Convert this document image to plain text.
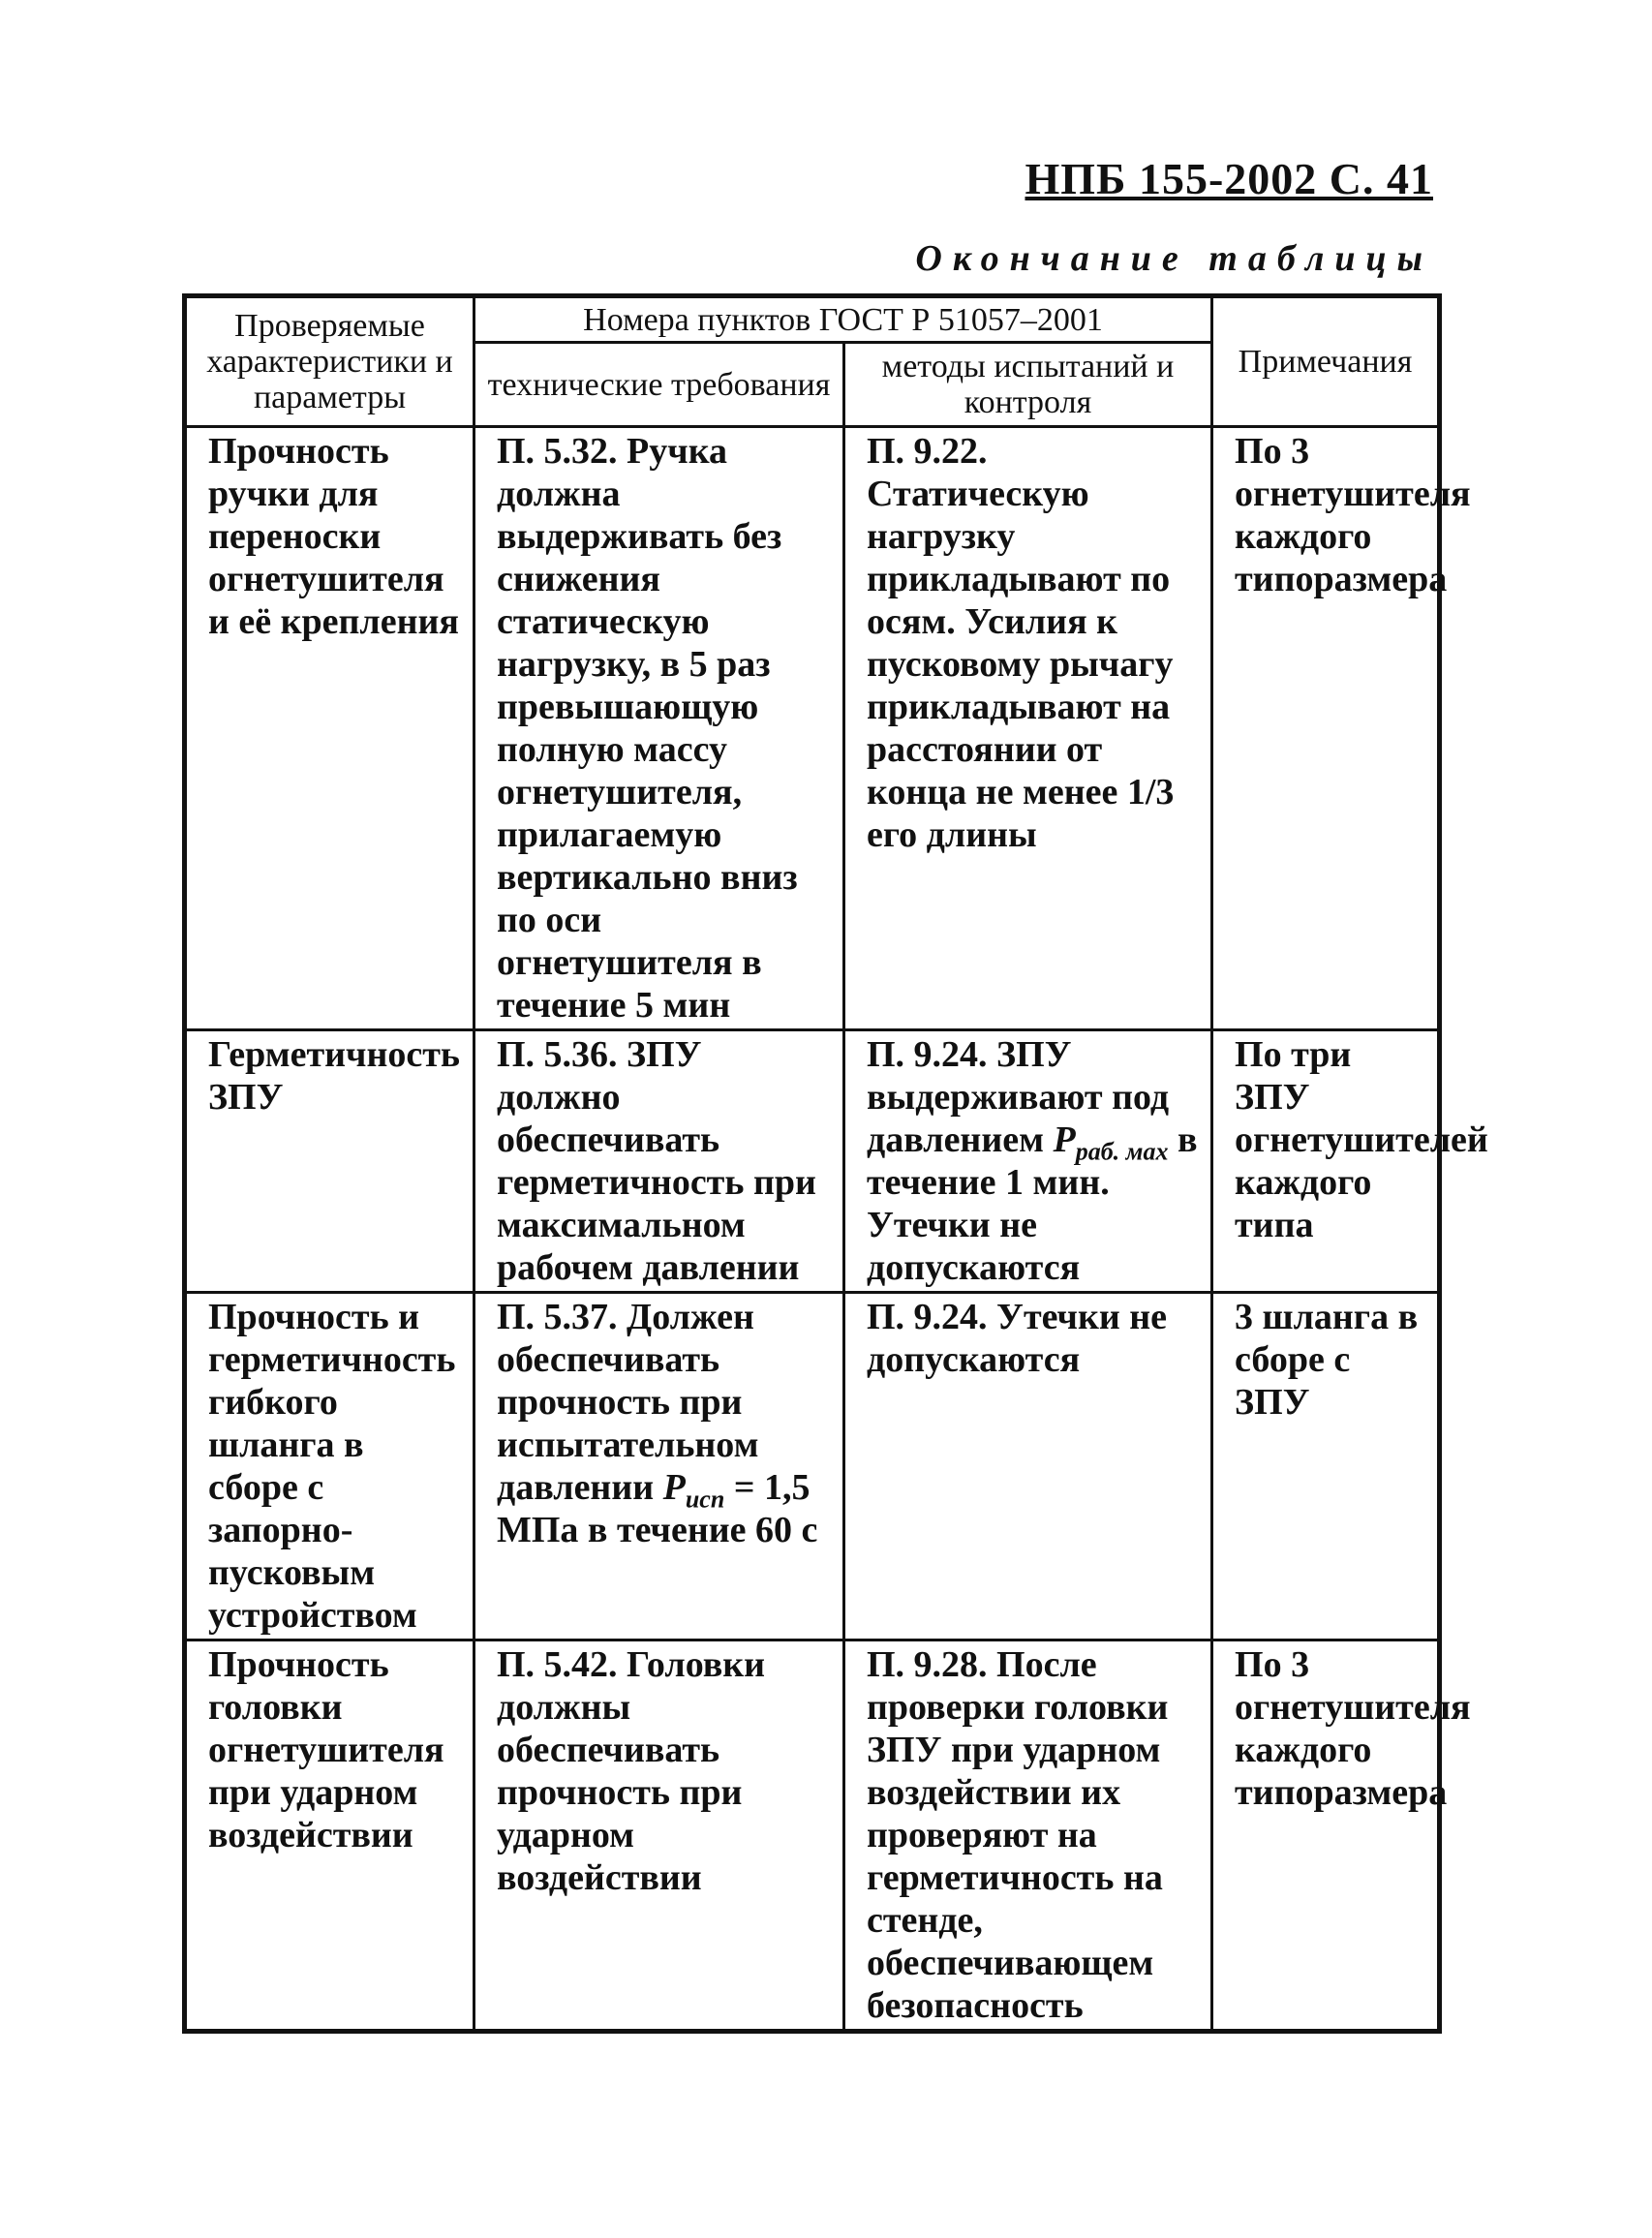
НПБ 155-2002 С. 41
Окончание таблицы
Проверяемые характеристики и параметры	Номера пунктов ГОСТ Р 51057–2001		Примечания
	технические требования	методы испытаний и контроля	
Прочность ручки для переноски огнетушителя и её крепления	П. 5.32. Ручка должна выдерживать без снижения статическую нагрузку, в 5 раз превышающую полную массу огнетушителя, прилагаемую вертикально вниз по оси огнетушителя в течение 5 мин	П. 9.22. Статическую нагрузку прикладывают по осям. Усилия к пусковому рычагу прикладывают на расстоянии от конца не менее 1/3 его длины	По 3 огнетушителя каждого типоразмера
Герметичность ЗПУ	П. 5.36. ЗПУ должно обеспечивать герметичность при максимальном рабочем давлении	П. 9.24. ЗПУ выдерживают под давлением $P_{раб. мах}$ в течение 1 мин. Утечки не допускаются	По три ЗПУ огнетушителей каждого типа
Прочность и герметичность гибкого шланга в сборе с запорно-пусковым устройством	П. 5.37. Должен обеспечивать прочность при испытательном давлении $P_{исп} = 1,5$ МПа в течение 60 с	П. 9.24. Утечки не допускаются	3 шланга в сборе с ЗПУ
Прочность головки огнетушителя при ударном воздействии	П. 5.42. Головки должны обеспечивать прочность при ударном воздействии	П. 9.28. После проверки головки ЗПУ при ударном воздействии их проверяют на герметичность на стенде, обеспечивающем безопасность	По 3 огнетушителя каждого типоразмера
